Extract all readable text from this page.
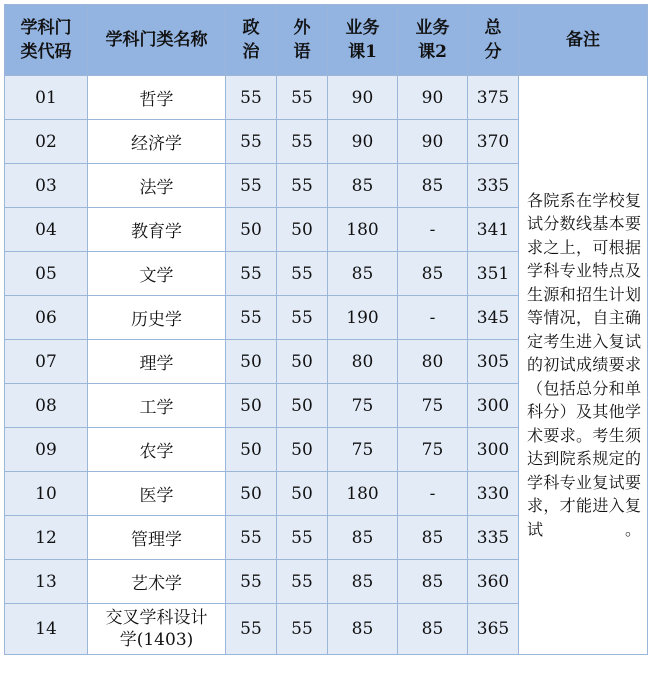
学科门类代码	学科门类名称	政治	外语	业务课1	业务课2	总分	备注
01	哲学	55	55	90	90	375	各院系在学校复试分数线基本要求之上，可根据学科专业特点及生源和招生计划等情况，自主确定考生进入复试的初试成绩要求（包括总分和单科分）及其他学术要求。考生须达到院系规定的学科专业复试要求，才能进入复试。

02	经济学	55	55	90	90	370	
03	法学	55	55	85	85	335	
04	教育学	50	50	180	-	341	
05	文学	55	55	85	85	351	
06	历史学	55	55	190	-	345	
07	理学	50	50	80	80	305	
08	工学	50	50	75	75	300	
09	农学	50	50	75	75	300	
10	医学	50	50	180	-	330	
12	管理学	55	55	85	85	335	
13	艺术学	55	55	85	85	360	
14	交叉学科设计学(1403)	55	55	85	85	365	
